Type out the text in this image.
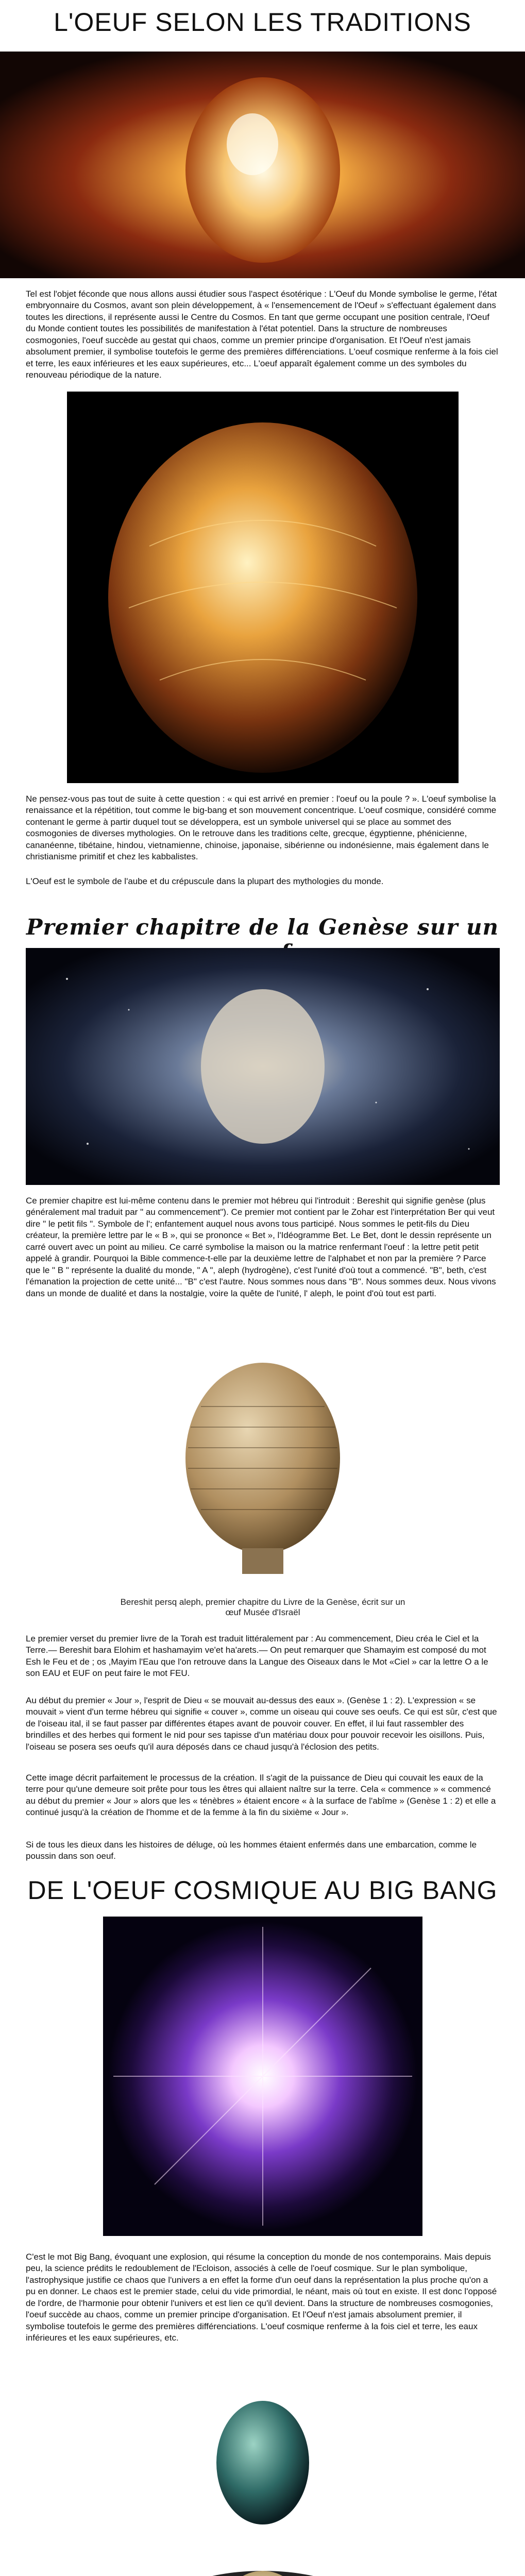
L'OEUF SELON LES TRADITIONS
Tel est l'objet féconde que nous allons aussi étudier sous l'aspect ésotérique : L'Oeuf du Monde symbolise le germe, l'état embryonnaire du Cosmos, avant son plein développement, à « l'ensemencement de l'Oeuf » s'effectuant également dans toutes les directions, il représente aussi le Centre du Cosmos. En tant que germe occupant une position centrale, l'Oeuf du Monde contient toutes les possibilités de manifestation à l'état potentiel. Dans la structure de nombreuses cosmogonies, l'oeuf succède au gestat qui chaos, comme un premier principe d'organisation. Et l'Oeuf n'est jamais absolument premier, il symbolise toutefois le germe des premières différenciations. L'oeuf cosmique renferme à la fois ciel et terre, les eaux inférieures et les eaux supérieures, etc... L'oeuf apparaît également comme un des symboles du renouveau périodique de la nature.
Ne pensez-vous pas tout de suite à cette question : « qui est arrivé en premier : l'oeuf ou la poule ? ». L'oeuf symbolise la renaissance et la répétition, tout comme le big-bang et son mouvement concentrique. L'oeuf cosmique, considéré comme contenant le germe à partir duquel tout se développera, est un symbole universel qui se place au sommet des cosmogonies de diverses mythologies. On le retrouve dans les traditions celte, grecque, égyptienne, phénicienne, cananéenne, tibétaine, hindou, vietnamienne, chinoise, japonaise, sibérienne ou indonésienne, mais également dans le christianisme primitif et chez les kabbalistes.
L'Oeuf est le symbole de l'aube et du crépuscule dans la plupart des mythologies du monde.
Premier chapitre de la Genèse sur un
Ce premier chapitre est lui-même contenu dans le premier mot hébreu qui l'introduit : Bereshit qui signifie genèse (plus généralement mal traduit par " au commencement"). Ce premier mot contient par le Zohar est l'interprétation Ber qui veut dire " le petit fils ". Symbole de l'; enfantement auquel nous avons tous participé. Nous sommes le petit-fils du Dieu créateur, la première lettre par le « B », qui se prononce « Bet », l'Idéogramme Bet. Le Bet, dont le dessin représente un carré ouvert avec un point au milieu. Ce carré symbolise la maison ou la matrice renfermant l'oeuf : la lettre petit petit appelé à grandir. Pourquoi la Bible commence-t-elle par la deuxième lettre de l'alphabet et non par la première ? Parce que le " B " représente la dualité du monde, " A ", aleph (hydrogène), c'est l'unité d'où tout a commencé. "B", beth, c'est l'émanation la projection de cette unité... "B" c'est l'autre. Nous sommes nous dans "B". Nous sommes deux. Nous vivons dans un monde de dualité et dans la nostalgie, voire la quête de l'unité, l' aleph, le point d'où tout est parti.
Bereshit persq aleph, premier chapitre du Livre de la Genèse, écrit sur un œuf Musée d'Israël
Le premier verset du premier livre de la Torah est traduit littéralement par : Au commencement, Dieu créa le Ciel et la Terre.— Bereshit bara Elohim et hashamayim ve'et ha'arets.— On peut remarquer que Shamayim est composé du mot Esh le Feu et de ; os ,Mayim l'Eau que l'on retrouve dans la Langue des Oiseaux dans le Mot «Ciel » car la lettre O a le son EAU et EUF on peut faire le mot FEU.
Au début du premier « Jour », l'esprit de Dieu « se mouvait au-dessus des eaux ». (Genèse 1 : 2). L'expression « se mouvait » vient d'un terme hébreu qui signifie « couver », comme un oiseau qui couve ses oeufs. Ce qui est sûr, c'est que de l'oiseau ital, il se faut passer par différentes étapes avant de pouvoir couver. En effet, il lui faut rassembler des brindilles et des herbes qui forment le nid pour ses tapisse d'un matériau doux pour pouvoir recevoir les oisillons. Puis, l'oiseau se posera ses oeufs qu'il aura déposés dans ce chaud jusqu'à l'éclosion des petits.
Cette image décrit parfaitement le processus de la création. Il s'agit de la puissance de Dieu qui couvait les eaux de la terre pour qu'une demeure soit prête pour tous les êtres qui allaient naître sur la terre. Cela « commence » « commencé au début du premier « Jour » alors que les « ténèbres » étaient encore « à la surface de l'abîme » (Genèse 1 : 2) et elle a continué jusqu'à la création de l'homme et de la femme à la fin du sixième « Jour ».
Si de tous les dieux dans les histoires de déluge, où les hommes étaient enfermés dans une embarcation, comme le poussin dans son oeuf.
DE L'OEUF COSMIQUE AU BIG BANG
C'est le mot Big Bang, évoquant une explosion, qui résume la conception du monde de nos contemporains. Mais depuis peu, la science prédits le redoublement de l'Ecloison, associés à celle de l'oeuf cosmique. Sur le plan symbolique, l'astrophysique justifie ce chaos que l'univers a en effet la forme d'un oeuf dans la représentation la plus proche qu'on a pu en donner. Le chaos est le premier stade, celui du vide primordial, le néant, mais où tout en existe. Il est donc l'opposé de l'ordre, de l'harmonie pour obtenir l'univers et est lien ce qu'il devient. Dans la structure de nombreuses cosmogonies, l'oeuf succède au chaos, comme un premier principe d'organisation. Et l'Oeuf n'est jamais absolument premier, il symbolise toutefois le germe des premières différenciations. L'oeuf cosmique renferme à la fois ciel et terre, les eaux inférieures et les eaux supérieures, etc.
